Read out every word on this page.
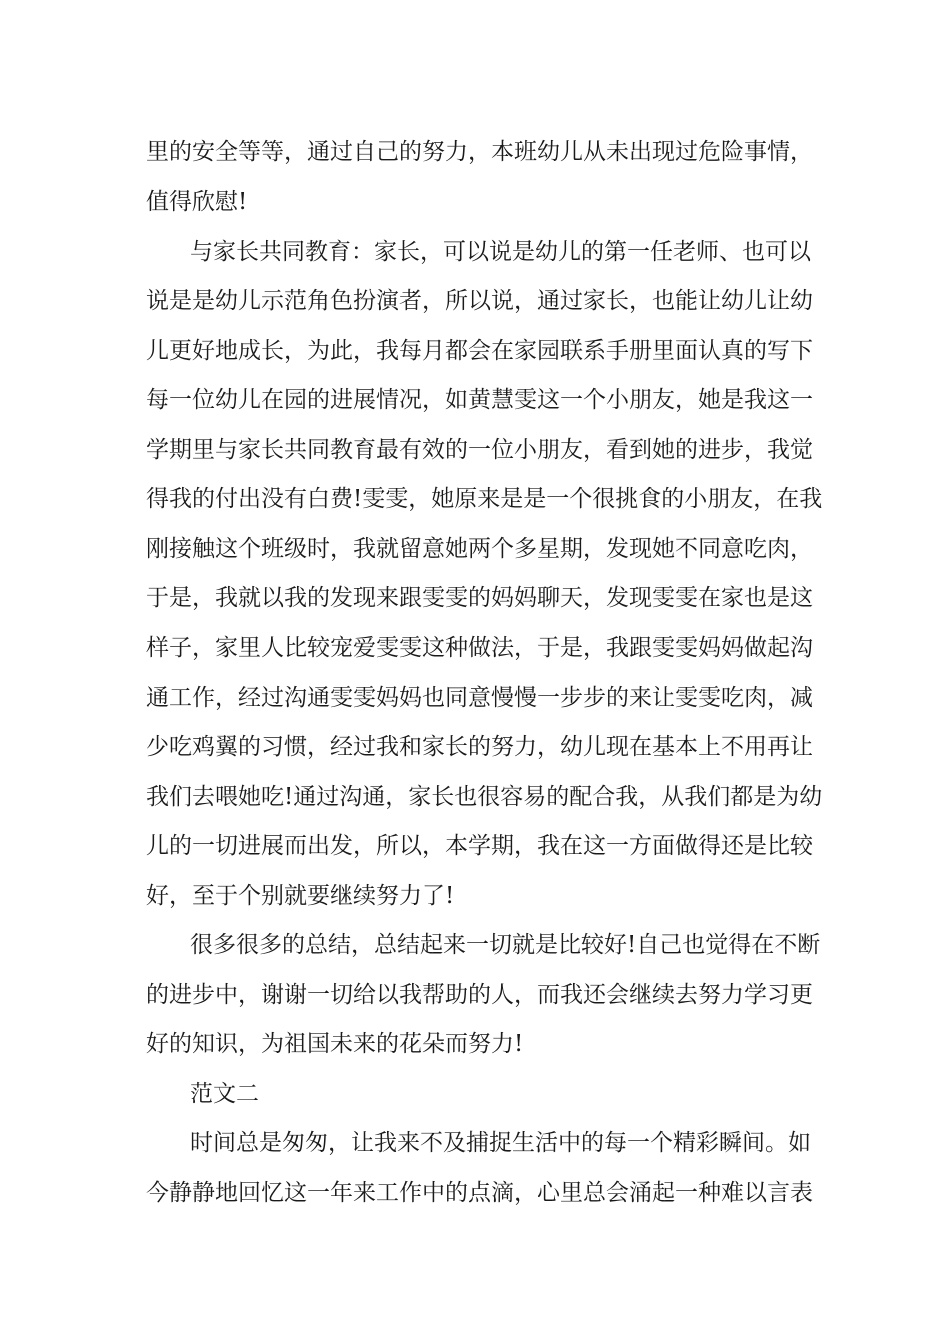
里的安全等等，通过自己的努力，本班幼儿从未出现过危险事情，
值得欣慰!
与家长共同教育：家长，可以说是幼儿的第一任老师、也可以
说是是幼儿示范角色扮演者，所以说，通过家长，也能让幼儿让幼
儿更好地成长，为此，我每月都会在家园联系手册里面认真的写下
每一位幼儿在园的进展情况，如黄慧雯这一个小朋友，她是我这一
学期里与家长共同教育最有效的一位小朋友，看到她的进步，我觉
得我的付出没有白费!雯雯，她原来是是一个很挑食的小朋友，在我
刚接触这个班级时，我就留意她两个多星期，发现她不同意吃肉，
于是，我就以我的发现来跟雯雯的妈妈聊天，发现雯雯在家也是这
样子，家里人比较宠爱雯雯这种做法，于是，我跟雯雯妈妈做起沟
通工作，经过沟通雯雯妈妈也同意慢慢一步步的来让雯雯吃肉，减
少吃鸡翼的习惯，经过我和家长的努力，幼儿现在基本上不用再让
我们去喂她吃!通过沟通，家长也很容易的配合我，从我们都是为幼
儿的一切进展而出发，所以，本学期，我在这一方面做得还是比较
好，至于个别就要继续努力了!
很多很多的总结，总结起来一切就是比较好!自己也觉得在不断
的进步中，谢谢一切给以我帮助的人，而我还会继续去努力学习更
好的知识，为祖国未来的花朵而努力!
范文二
时间总是匆匆，让我来不及捕捉生活中的每一个精彩瞬间。如
今静静地回忆这一年来工作中的点滴，心里总会涌起一种难以言表
